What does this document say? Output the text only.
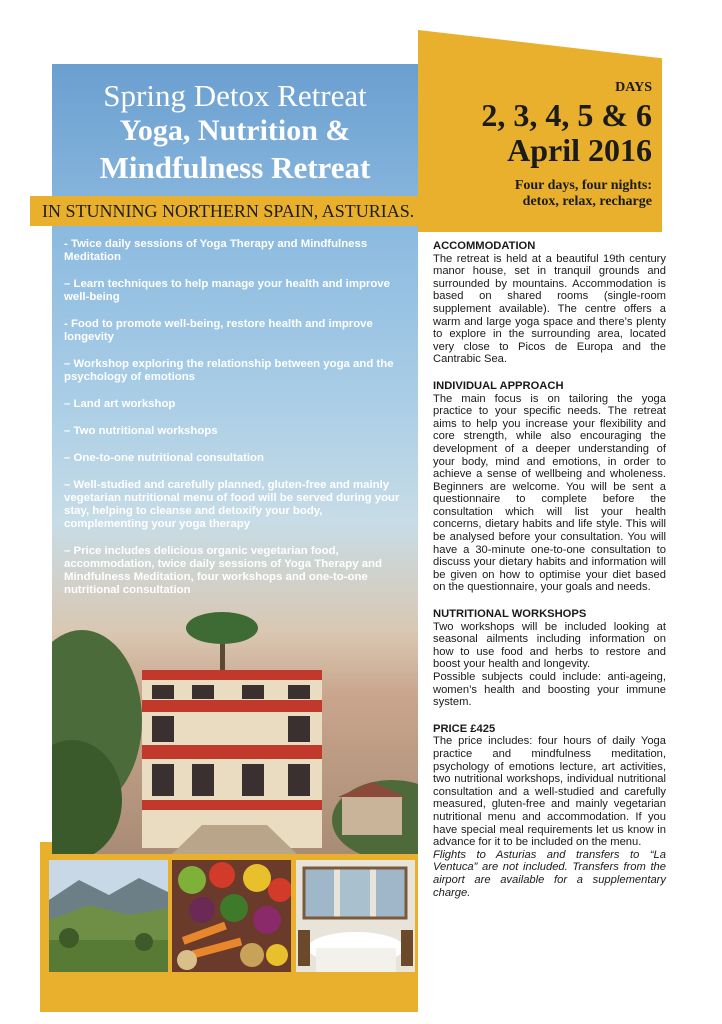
Spring Detox Retreat
Yoga, Nutrition &
Mindfulness Retreat
IN STUNNING NORTHERN SPAIN, ASTURIAS.
DAYS
2, 3, 4, 5 & 6
April 2016
Four days, four nights:
detox, relax, recharge
- Twice daily sessions of Yoga Therapy and Mindfulness Meditation
– Learn techniques to help manage your health and improve well-being
- Food to promote well-being, restore health and improve longevity
– Workshop exploring the relationship between yoga and the psychology of emotions
– Land art workshop
– Two nutritional workshops
– One-to-one nutritional consultation
– Well-studied and carefully planned, gluten-free and mainly vegetarian nutritional menu of food will be served during your stay, helping to cleanse and detoxify your body, complementing your yoga therapy
– Price includes delicious organic vegetarian food, accommodation, twice daily sessions of Yoga Therapy and Mindfulness Meditation, four workshops and one-to-one nutritional consultation
ACCOMMODATION
The retreat is held at a beautiful 19th century manor house, set in tranquil grounds and surrounded by mountains. Accommodation is based on shared rooms (single-room supplement available). The centre offers a warm and large yoga space and there’s plenty to explore in the surrounding area, located very close to Picos de Europa and the Cantrabic Sea.
INDIVIDUAL APPROACH
The main focus is on tailoring the yoga practice to your specific needs. The retreat aims to help you increase your flexibility and core strength, while also encouraging the development of a deeper understanding of your body, mind and emotions, in order to achieve a sense of wellbeing and wholeness. Beginners are welcome. You will be sent a questionnaire to complete before the consultation which will list your health concerns, dietary habits and life style. This will be analysed before your consultation. You will have a 30-minute one-to-one consultation to discuss your dietary habits and information will be given on how to optimise your diet based on the questionnaire, your goals and needs.
NUTRITIONAL WORKSHOPS
Two workshops will be included looking at seasonal ailments including information on how to use food and herbs to restore and boost your health and longevity.
Possible subjects could include: anti-ageing, women’s health and boosting your immune system.
PRICE £425
The price includes: four hours of daily Yoga practice and mindfulness meditation, psychology of emotions lecture, art activities, two nutritional workshops, individual nutritional consultation and a well-studied and carefully measured, gluten-free and mainly vegetarian nutritional menu and accommodation. If you have special meal requirements let us know in advance for it to be included on the menu.
Flights to Asturias and transfers to “La Ventuca” are not included. Transfers from the airport are available for a supplementary charge.
